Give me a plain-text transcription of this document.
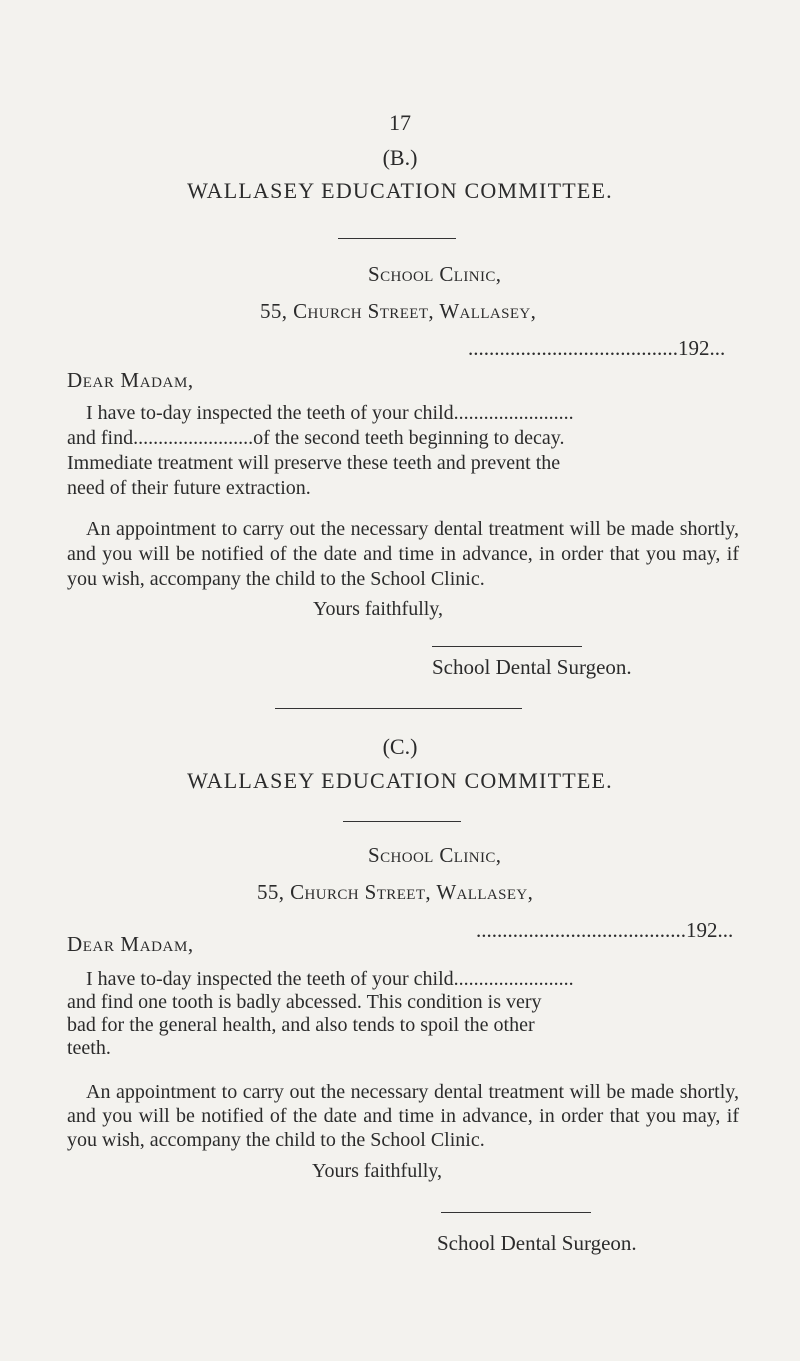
17
(B.)
WALLASEY EDUCATION COMMITTEE.
School Clinic,
55, Church Street, Wallasey,
........................................192...
Dear Madam,
I have to-day inspected the teeth of your child........................
and find........................of the second teeth beginning to decay.
Immediate treatment will preserve these teeth and prevent the
need of their future extraction.
An appointment to carry out the necessary dental treatment will be made shortly, and you will be notified of the date and time in advance, in order that you may, if you wish, accompany the child to the School Clinic.
Yours faithfully,
School Dental Surgeon.
(C.)
WALLASEY EDUCATION COMMITTEE.
School Clinic,
55, Church Street, Wallasey,
........................................192...
Dear Madam,
I have to-day inspected the teeth of your child........................
and find one tooth is badly abcessed. This condition is very
bad for the general health, and also tends to spoil the other
teeth.
An appointment to carry out the necessary dental treatment will be made shortly, and you will be notified of the date and time in advance, in order that you may, if you wish, accompany the child to the School Clinic.
Yours faithfully,
School Dental Surgeon.
